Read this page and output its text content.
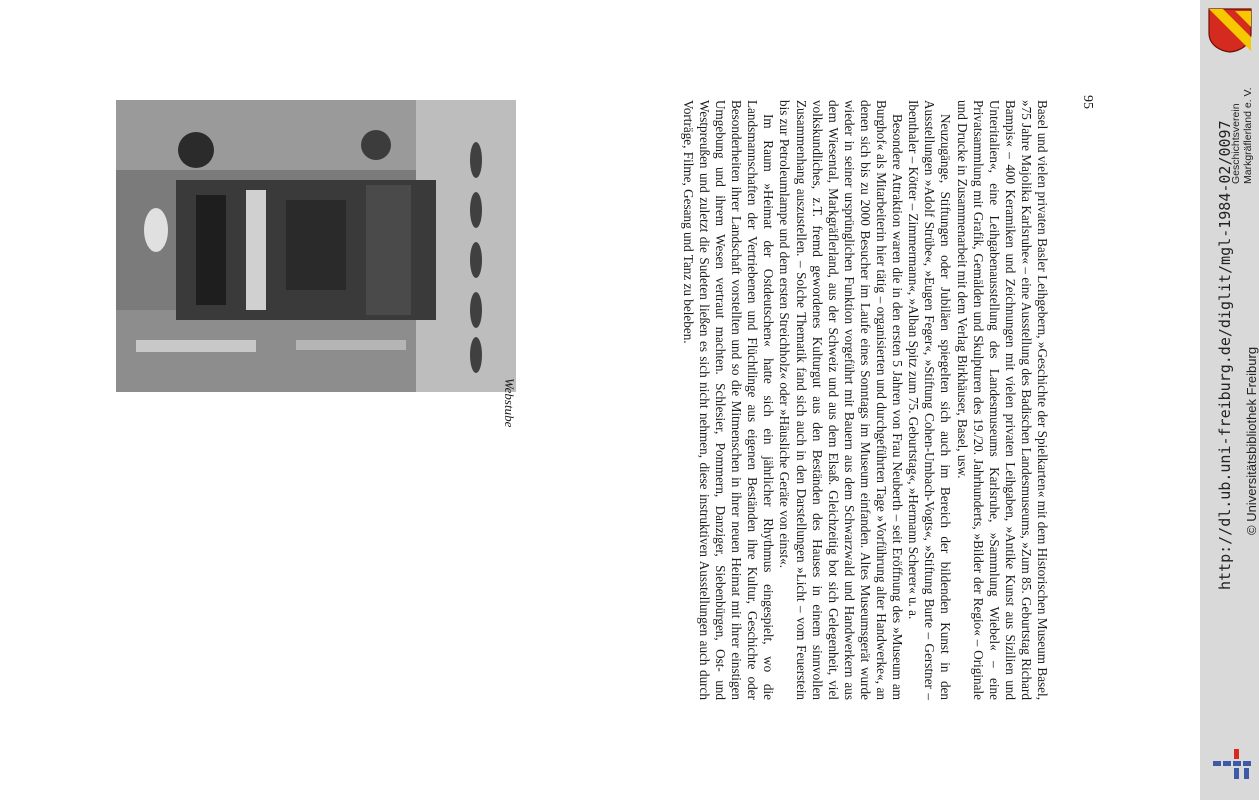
Webstube	Basel und vielen privaten Basler Leihgebern, »Geschichte der Spielkarten« mit dem Historischen Museum Basel, »75 Jahre Majolika Karlsruhe« – eine Ausstellung des Badischen Landesmuseums, »Zum 85. Geburtstag Richard Bampis« – 400 Keramiken und Zeichnungen mit vielen privaten Leihgaben, »Antike Kunst aus Sizilien und Unteritalien«, eine Leihgabenausstellung des Landesmuseums Karlsruhe, »Sammlung Wiebel« – eine Privatsammlung mit Grafik, Gemälden und Skulpturen des 19./20. Jahrhunderts, »Bilder der Regio« – Originale und Drucke in Zusammenarbeit mit dem Verlag Birkhäuser, Basel, usw.

Neuzugänge, Stiftungen oder Jubiläen spiegelten sich auch im Bereich der bildenden Kunst in den Ausstellungen »Adolf Strübe«, »Eugen Feger«, »Stiftung Cohen-Umbach-Vogts«, »Stiftung Burte – Gerstner – Ibenthaler – Kötter – Zimmermann«, »Alban Spitz zum 75. Geburtstag«, »Hermann Scherer« u. a.

Besondere Attraktion waren die in den ersten 5 Jahren von Frau Neuberth – seit Eröffnung des »Museum am Burghof« als Mitarbeiterin hier tätig – organisierten und durchgeführten Tage »Vorführung alter Handwerke«, an denen sich bis zu 2000 Besucher im Laufe eines Sonntags im Museum einfanden. Altes Museumsgerät wurde wieder in seiner ursprünglichen Funktion vorgeführt mit Bauern aus dem Schwarzwald und Handwerkern aus dem Wiesental, Markgräflerland, aus der Schweiz und aus dem Elsaß. Gleichzeitig bot sich Gelegenheit, viel volkskundliches, z.T. fremd gewordenes Kulturgut aus den Beständen des Hauses in einem sinnvollen Zusammenhang auszustellen. – Solche Thematik fand sich auch in den Darstellungen »Licht – vom Feuerstein bis zur Petroleumlampe und dem ersten Streichholz« oder »Häusliche Geräte von einst«.

Im Raum »Heimat der Ostdeutschen« hatte sich ein jährlicher Rhythmus eingespielt, wo die Landsmannschaften der Vertriebenen und Flüchtlinge aus eigenen Beständen ihre Kultur, Geschichte oder Besonderheiten ihrer Landschaft vorstellten und so die Mitmenschen in ihrer neuen Heimat mit ihrer einstigen Umgebung und ihrem Wesen vertraut machten. Schlesier, Pommern, Danziger, Siebenbürgen, Ost- und Westpreußen und zuletzt die Sudeten ließen es sich nicht nehmen, diese instruktiven Ausstellungen auch durch Vorträge, Filme, Gesang und Tanz zu beleben.	95
Geschichtsverein Markgräflerland e. V.
http://dl.ub.uni-freiburg.de/diglit/mgl-1984-02/0097 © Universitätsbibliothek Freiburg
